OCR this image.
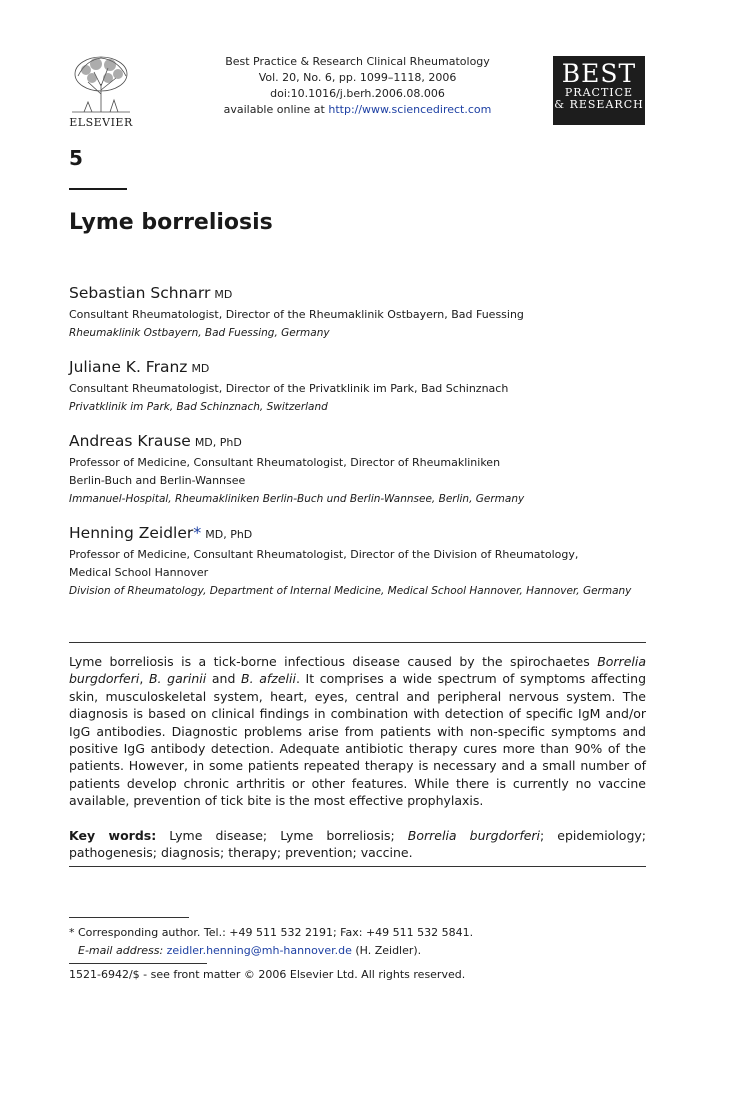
ELSEVIER
Best Practice & Research Clinical Rheumatology
Vol. 20, No. 6, pp. 1099–1118, 2006
doi:10.1016/j.berh.2006.08.006
available online at http://www.sciencedirect.com
BEST
PRACTICE
& RESEARCH
5
Lyme borreliosis
Sebastian Schnarr MD
Consultant Rheumatologist, Director of the Rheumaklinik Ostbayern, Bad Fuessing
Rheumaklinik Ostbayern, Bad Fuessing, Germany
Juliane K. Franz MD
Consultant Rheumatologist, Director of the Privatklinik im Park, Bad Schinznach
Privatklinik im Park, Bad Schinznach, Switzerland
Andreas Krause MD, PhD
Professor of Medicine, Consultant Rheumatologist, Director of Rheumakliniken
Berlin-Buch and Berlin-Wannsee
Immanuel-Hospital, Rheumakliniken Berlin-Buch und Berlin-Wannsee, Berlin, Germany
Henning Zeidler* MD, PhD
Professor of Medicine, Consultant Rheumatologist, Director of the Division of Rheumatology,
Medical School Hannover
Division of Rheumatology, Department of Internal Medicine, Medical School Hannover, Hannover, Germany
Lyme borreliosis is a tick-borne infectious disease caused by the spirochaetes Borrelia burgdorferi, B. garinii and B. afzelii. It comprises a wide spectrum of symptoms affecting skin, musculoskeletal system, heart, eyes, central and peripheral nervous system. The diagnosis is based on clinical findings in combination with detection of specific IgM and/or IgG antibodies. Diagnostic problems arise from patients with non-specific symptoms and positive IgG antibody detection. Adequate antibiotic therapy cures more than 90% of the patients. However, in some patients repeated therapy is necessary and a small number of patients develop chronic arthritis or other features. While there is currently no vaccine available, prevention of tick bite is the most effective prophylaxis.
Key words: Lyme disease; Lyme borreliosis; Borrelia burgdorferi; epidemiology; pathogenesis; diagnosis; therapy; prevention; vaccine.
* Corresponding author. Tel.: +49 511 532 2191; Fax: +49 511 532 5841.
E-mail address: zeidler.henning@mh-hannover.de (H. Zeidler).
1521-6942/$ - see front matter © 2006 Elsevier Ltd. All rights reserved.
